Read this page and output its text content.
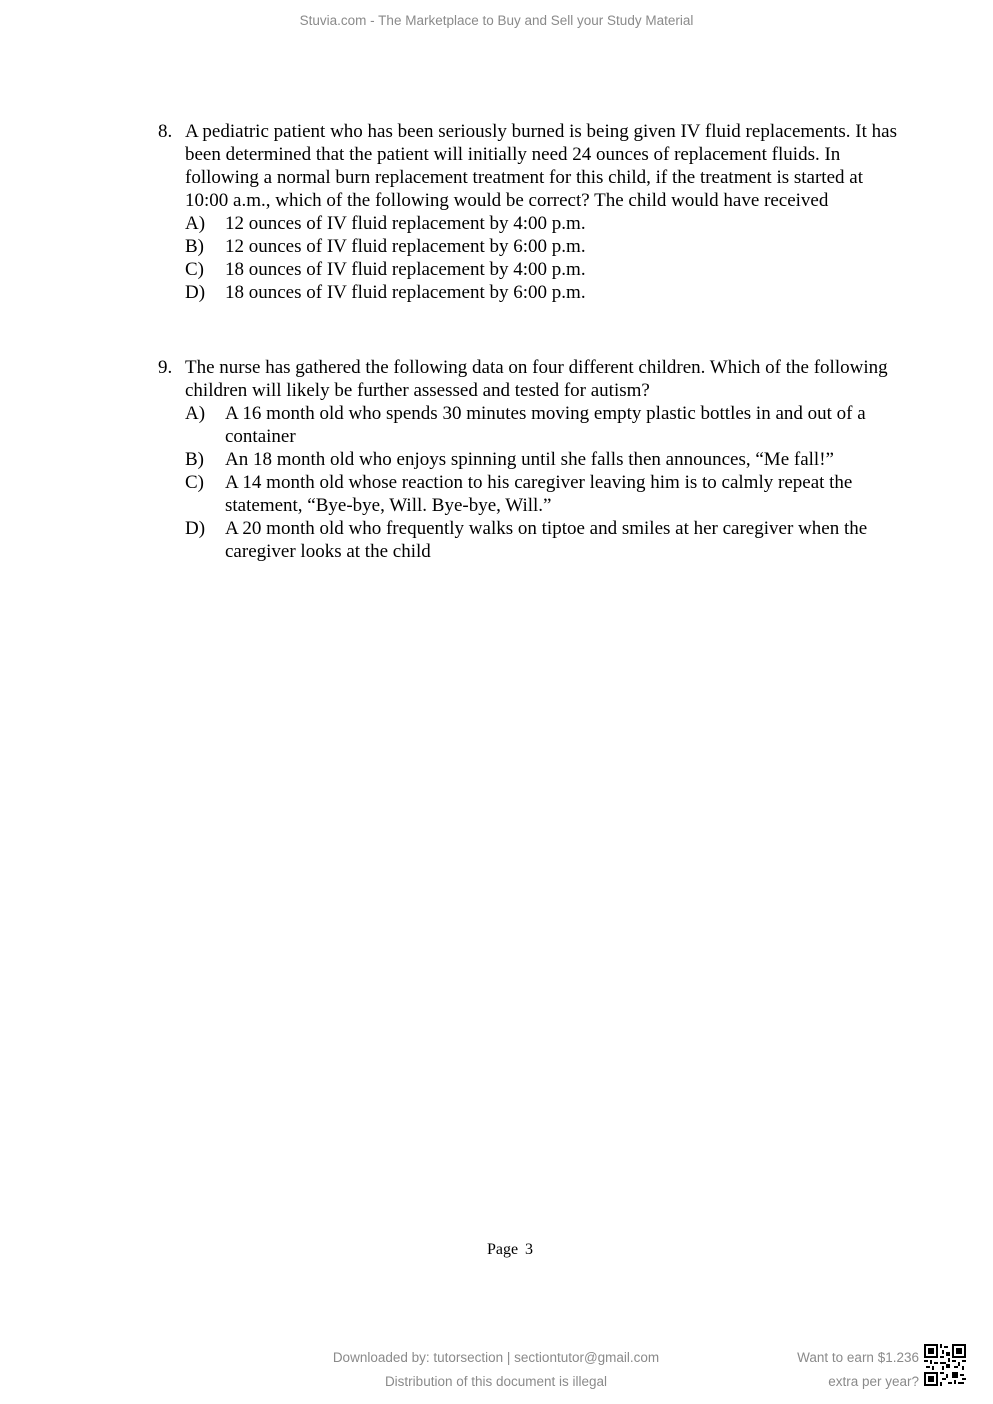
Stuvia.com - The Marketplace to Buy and Sell your Study Material
8. A pediatric patient who has been seriously burned is being given IV fluid replacements. It has been determined that the patient will initially need 24 ounces of replacement fluids. In following a normal burn replacement treatment for this child, if the treatment is started at 10:00 a.m., which of the following would be correct? The child would have received
A)	12 ounces of IV fluid replacement by 4:00 p.m.
B)	12 ounces of IV fluid replacement by 6:00 p.m.
C)	18 ounces of IV fluid replacement by 4:00 p.m.
D)	18 ounces of IV fluid replacement by 6:00 p.m.
9. The nurse has gathered the following data on four different children. Which of the following children will likely be further assessed and tested for autism?
A)	A 16 month old who spends 30 minutes moving empty plastic bottles in and out of a container
B)	An 18 month old who enjoys spinning until she falls then announces, “Me fall!”
C)	A 14 month old whose reaction to his caregiver leaving him is to calmly repeat the statement, “Bye-bye, Will. Bye-bye, Will.”
D)	A 20 month old who frequently walks on tiptoe and smiles at her caregiver when the caregiver looks at the child
Page 3
Downloaded by: tutorsection | sectiontutor@gmail.com
Distribution of this document is illegal
Want to earn $1.236
extra per year?
